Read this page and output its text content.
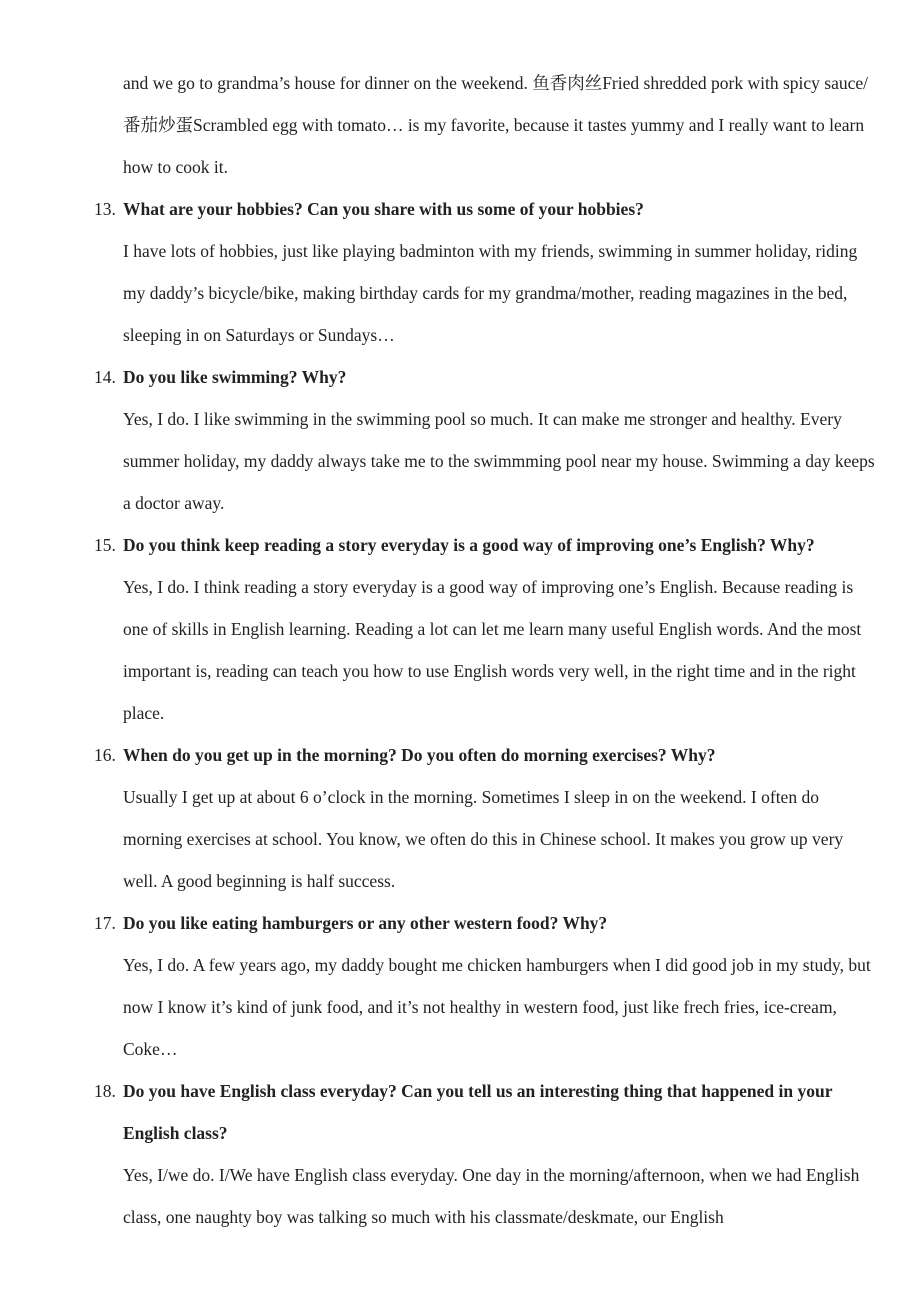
and we go to grandma’s house for dinner on the weekend. 鱼香肉丝Fried shredded pork with spicy sauce/番茄炒蛋Scrambled egg with tomato… is my favorite, because it tastes yummy and I really want to learn how to cook it.
13. What are your hobbies? Can you share with us some of your hobbies?
I have lots of hobbies, just like playing badminton with my friends, swimming in summer holiday, riding my daddy’s bicycle/bike, making birthday cards for my grandma/mother, reading magazines in the bed, sleeping in on Saturdays or Sundays…
14. Do you like swimming? Why?
Yes, I do. I like swimming in the swimming pool so much. It can make me stronger and healthy. Every summer holiday, my daddy always take me to the swimmming pool near my house. Swimming a day keeps a doctor away.
15. Do you think keep reading a story everyday is a good way of improving one’s English? Why?
Yes, I do. I think reading a story everyday is a good way of improving one’s English. Because reading is one of skills in English learning. Reading a lot can let me learn many useful English words. And the most important is, reading can teach you how to use English words very well, in the right time and in the right place.
16. When do you get up in the morning? Do you often do morning exercises? Why?
Usually I get up at about 6 o’clock in the morning. Sometimes I sleep in on the weekend. I often do morning exercises at school. You know, we often do this in Chinese school. It makes you grow up very well. A good beginning is half success.
17. Do you like eating hamburgers or any other western food? Why?
Yes, I do. A few years ago, my daddy bought me chicken hamburgers when I did good job in my study, but now I know it’s kind of junk food, and it’s not healthy in western food, just like frech fries, ice-cream, Coke…
18. Do you have English class everyday? Can you tell us an interesting thing that happened in your English class?
Yes, I/we do. I/We have English class everyday. One day in the morning/afternoon, when we had English class, one naughty boy was talking so much with his classmate/deskmate, our English
